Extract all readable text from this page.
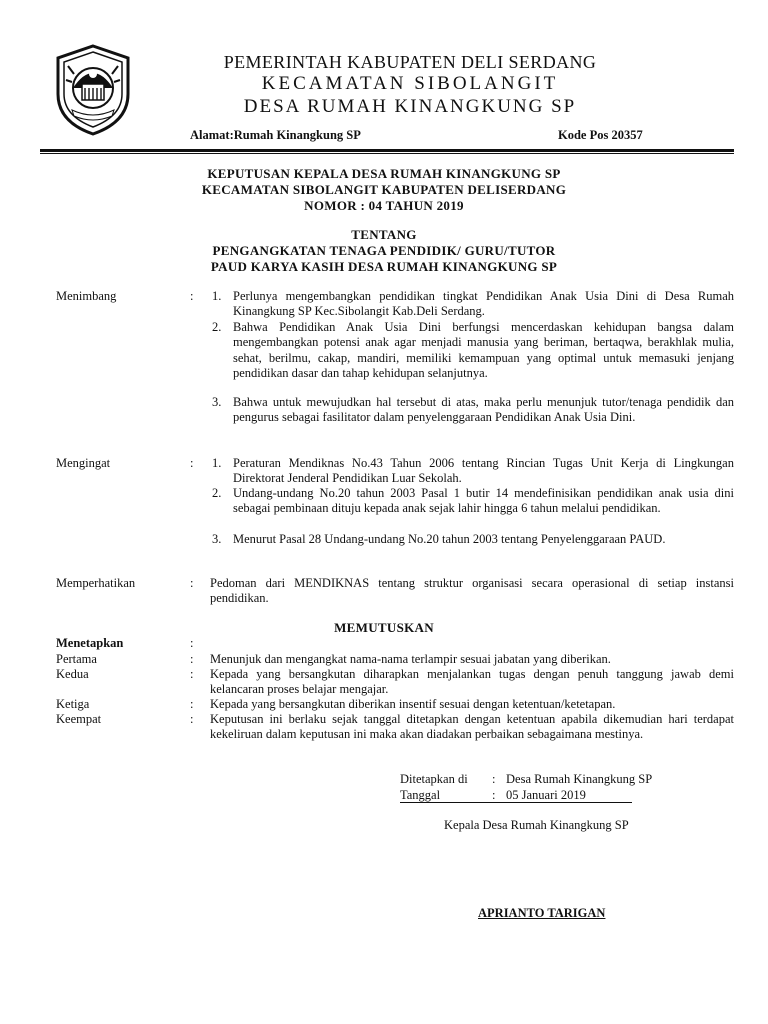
PEMERINTAH KABUPATEN DELI SERDANG
KECAMATAN SIBOLANGIT
DESA RUMAH KINANGKUNG SP
Alamat:Rumah Kinangkung SP	Kode Pos 20357
KEPUTUSAN KEPALA DESA RUMAH KINANGKUNG SP
KECAMATAN SIBOLANGIT KABUPATEN DELISERDANG
NOMOR : 04 TAHUN 2019
TENTANG
PENGANGKATAN TENAGA PENDIDIK/ GURU/TUTOR
PAUD KARYA KASIH DESA RUMAH KINANGKUNG SP
Menimbang	: 1. Perlunya mengembangkan pendidikan tingkat Pendidikan Anak Usia Dini di Desa Rumah Kinangkung SP Kec.Sibolangit Kab.Deli Serdang.
2. Bahwa Pendidikan Anak Usia Dini berfungsi mencerdaskan kehidupan bangsa dalam mengembangkan potensi anak agar menjadi manusia yang beriman, bertaqwa, berakhlak mulia, sehat, berilmu, cakap, mandiri, memiliki kemampuan yang optimal untuk memasuki jenjang pendidikan dasar dan tahap kehidupan selanjutnya.
3. Bahwa untuk mewujudkan hal tersebut di atas, maka perlu menunjuk tutor/tenaga pendidik dan pengurus sebagai fasilitator dalam penyelenggaraan Pendidikan Anak Usia Dini.
Mengingat	: 1. Peraturan Mendiknas No.43 Tahun 2006 tentang Rincian Tugas Unit Kerja di Lingkungan Direktorat Jenderal Pendidikan Luar Sekolah.
2. Undang-undang No.20 tahun 2003 Pasal 1 butir 14 mendefinisikan pendidikan anak usia dini sebagai pembinaan dituju kepada anak sejak lahir hingga 6 tahun melalui pendidikan.
3. Menurut Pasal 28 Undang-undang No.20 tahun 2003 tentang Penyelenggaraan PAUD.
Memperhatikan	: Pedoman dari MENDIKNAS tentang struktur organisasi secara operasional di setiap instansi pendidikan.
MEMUTUSKAN
Menetapkan	:
Pertama	: Menunjuk dan mengangkat nama-nama terlampir sesuai jabatan yang diberikan.
Kedua	: Kepada yang bersangkutan diharapkan menjalankan tugas dengan penuh tanggung jawab demi kelancaran proses belajar mengajar.
Ketiga	: Kepada yang bersangkutan diberikan insentif sesuai dengan ketentuan/ketetapan.
Keempat	: Keputusan ini berlaku sejak tanggal ditetapkan dengan ketentuan apabila dikemudian hari terdapat kekeliruan dalam keputusan ini maka akan diadakan perbaikan sebagaimana mestinya.
Ditetapkan di : Desa Rumah Kinangkung SP
Tanggal	: 05 Januari 2019
Kepala Desa Rumah Kinangkung SP
APRIANTO TARIGAN
